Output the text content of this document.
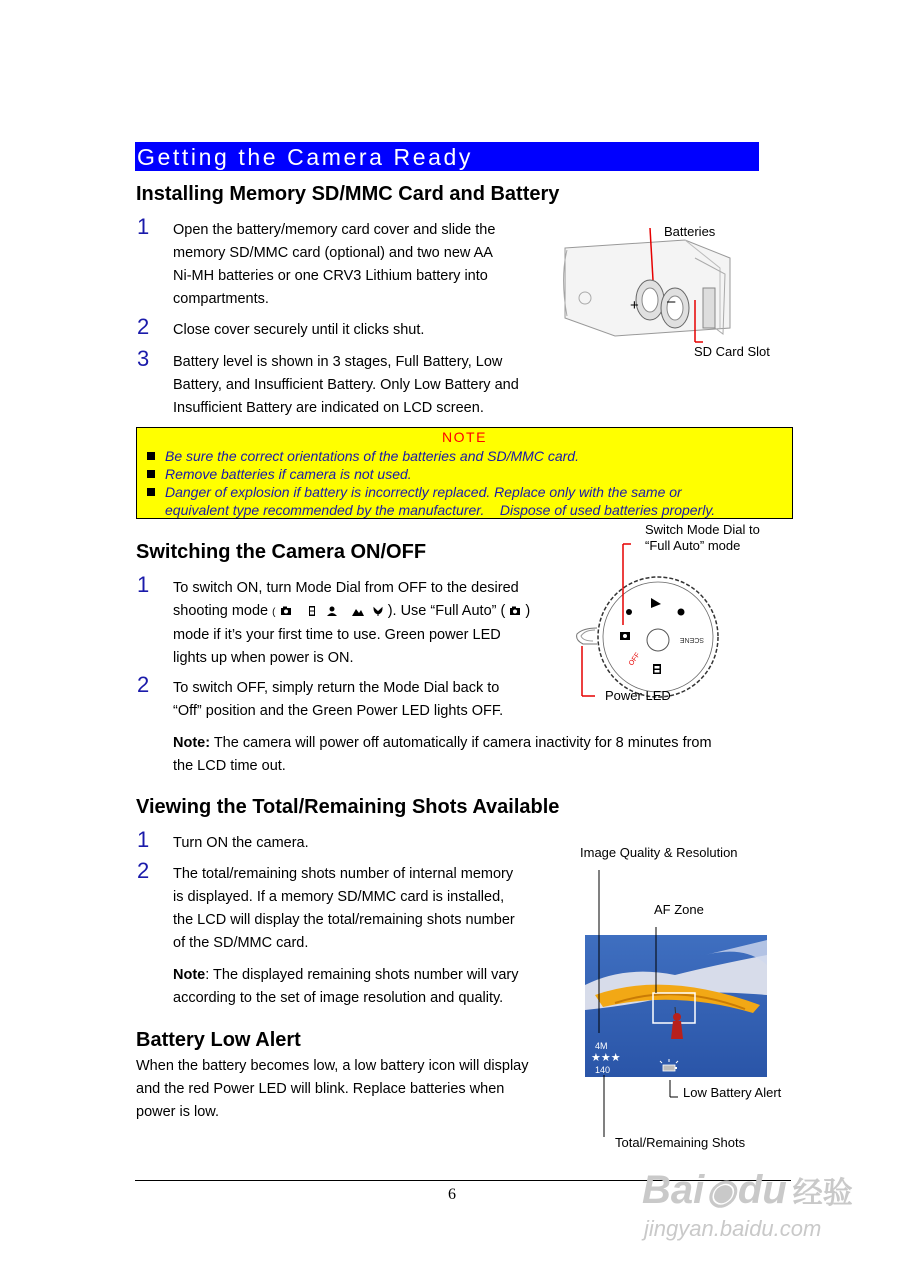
Getting the Camera Ready
Installing Memory SD/MMC Card and Battery
1 Open the battery/memory card cover and slide the
memory SD/MMC card (optional) and two new AA
Ni-MH batteries or one CRV3 Lithium battery into
compartments.
2 Close cover securely until it clicks shut.
3 Battery level is shown in 3 stages, Full Battery, Low
Battery, and Insufficient Battery. Only Low Battery and
Insufficient Battery are indicated on LCD screen.
+ –
Batteries
SD Card Slot
NOTE
Be sure the correct orientations of the batteries and SD/MMC card.
Remove batteries if camera is not used.
Danger of explosion if battery is incorrectly replaced. Replace only with the same or
equivalent type recommended by the manufacturer.    Dispose of used batteries properly.
Switching the Camera ON/OFF
1 To switch ON, turn Mode Dial from OFF to the desired
shooting mode (	). Use “Full Auto” ( )
mode if it’s your first time to use. Green power LED
lights up when power is ON.
2 To switch OFF, simply return the Mode Dial back to
“Off” position and the Green Power LED lights OFF.
Note: The camera will power off automatically if camera inactivity for 8 minutes from
the LCD time out.
OFF
SCENE
Switch Mode Dial to
“Full Auto” mode
Power LED
Viewing the Total/Remaining Shots Available
1 Turn ON the camera.
2 The total/remaining shots number of internal memory
is displayed. If a memory SD/MMC card is installed,
the LCD will display the total/remaining shots number
of the SD/MMC card.
Note: The displayed remaining shots number will vary
according to the set of image resolution and quality.
Image Quality & Resolution
AF Zone
4M
★★★
140
Low Battery Alert
Total/Remaining Shots
Battery Low Alert
When the battery becomes low, a low battery icon will display
and the red Power LED will blink. Replace batteries when
power is low.
6	Bai◉du 经验
jingyan.baidu.com
